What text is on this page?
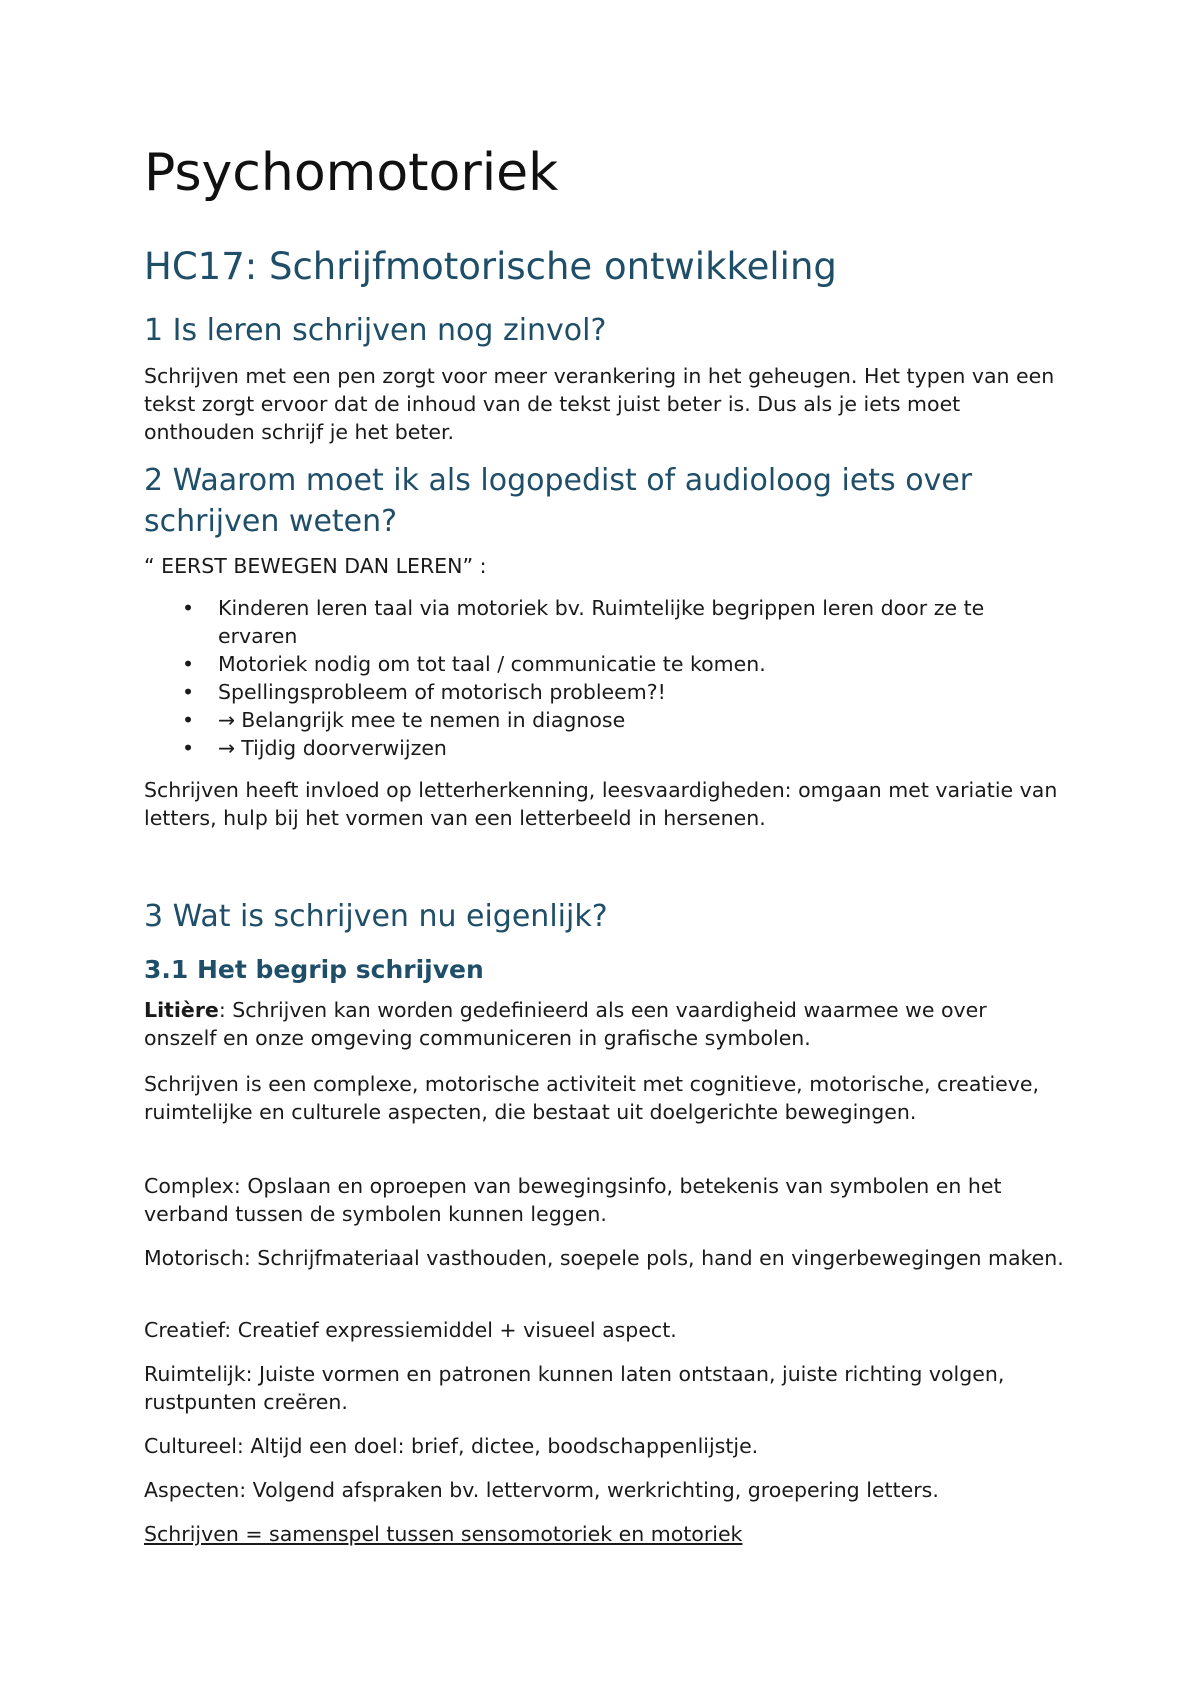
Psychomotoriek
HC17: Schrijfmotorische ontwikkeling
1 Is leren schrijven nog zinvol?

Schrijven met een pen zorgt voor meer verankering in het geheugen. Het typen van een tekst zorgt ervoor dat de inhoud van de tekst juist beter is. Dus als je iets moet onthouden schrijf je het beter.

2 Waarom moet ik als logopedist of audioloog iets over schrijven weten?

“ EERST BEWEGEN DAN LEREN” :

• Kinderen leren taal via motoriek bv. Ruimtelijke begrippen leren door ze te ervaren
• Motoriek nodig om tot taal / communicatie te komen.
• Spellingsprobleem of motorisch probleem?!
• → Belangrijk mee te nemen in diagnose
• → Tijdig doorverwijzen

Schrijven heeft invloed op letterherkenning, leesvaardigheden: omgaan met variatie van letters, hulp bij het vormen van een letterbeeld in hersenen.

3 Wat is schrijven nu eigenlijk?
3.1 Het begrip schrijven

Litière: Schrijven kan worden gedefinieerd als een vaardigheid waarmee we over onszelf en onze omgeving communiceren in grafische symbolen.

Schrijven is een complexe, motorische activiteit met cognitieve, motorische, creatieve, ruimtelijke en culturele aspecten, die bestaat uit doelgerichte bewegingen.

Complex: Opslaan en oproepen van bewegingsinfo, betekenis van symbolen en het verband tussen de symbolen kunnen leggen.

Motorisch: Schrijfmateriaal vasthouden, soepele pols, hand en vingerbewegingen maken.

Creatief: Creatief expressiemiddel + visueel aspect.

Ruimtelijk: Juiste vormen en patronen kunnen laten ontstaan, juiste richting volgen, rustpunten creëren.

Cultureel: Altijd een doel: brief, dictee, boodschappenlijstje.

Aspecten: Volgend afspraken bv. lettervorm, werkrichting, groepering letters.

Schrijven = samenspel tussen sensomotoriek en motoriek
